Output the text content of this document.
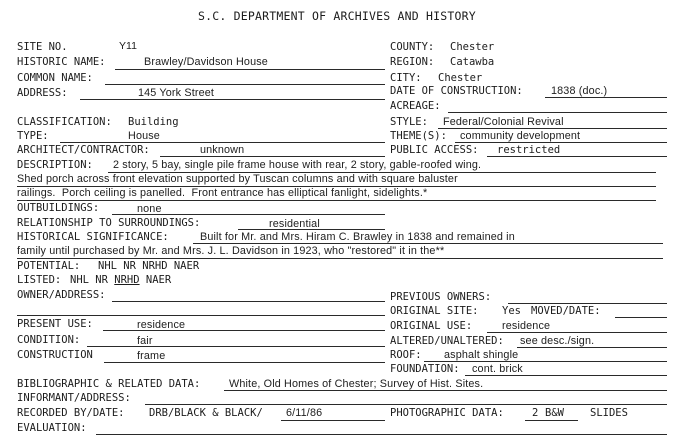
S.C. DEPARTMENT OF ARCHIVES AND HISTORY
SITE NO.	Y11
HISTORIC NAME:	Brawley/Davidson House
COMMON NAME:
ADDRESS:	145 York Street
CLASSIFICATION: Building
TYPE:	House
ARCHITECT/CONTRACTOR:	unknown
DESCRIPTION: 2 story, 5 bay, single pile frame house with rear, 2 story, gable-roofed wing.
Shed porch across front elevation supported by Tuscan columns and with square baluster
railings.  Porch ceiling is panelled.  Front entrance has elliptical fanlight, sidelights.*
OUTBUILDINGS:	none
RELATIONSHIP TO SURROUNDINGS:	residential
HISTORICAL SIGNIFICANCE:	Built for Mr. and Mrs. Hiram C. Brawley in 1838 and remained in
family until purchased by Mr. and Mrs. J. L. Davidson in 1923, who "restored" it in the**
POTENTIAL: NHL NR NRHD NAER
LISTED: NHL NR NRHD NAER
OWNER/ADDRESS:
PRESENT USE:	residence
CONDITION:	fair
CONSTRUCTION	frame
BIBLIOGRAPHIC & RELATED DATA:	White, Old Homes of Chester; Survey of Hist. Sites.
INFORMANT/ADDRESS:
RECORDED BY/DATE: DRB/BLACK & BLACK/ 6/11/86
EVALUATION:
COUNTY: Chester
REGION: Catawba
CITY: Chester
DATE OF CONSTRUCTION:	1838 (doc.)
ACREAGE:
STYLE: Federal/Colonial Revival
THEME(S): community development
PUBLIC ACCESS: restricted
PREVIOUS OWNERS:
ORIGINAL SITE: Yes MOVED/DATE:
ORIGINAL USE:	residence
ALTERED/UNALTERED: see desc./sign.
ROOF: asphalt shingle
FOUNDATION: cont. brick
PHOTOGRAPHIC DATA:	2 B&W SLIDES
